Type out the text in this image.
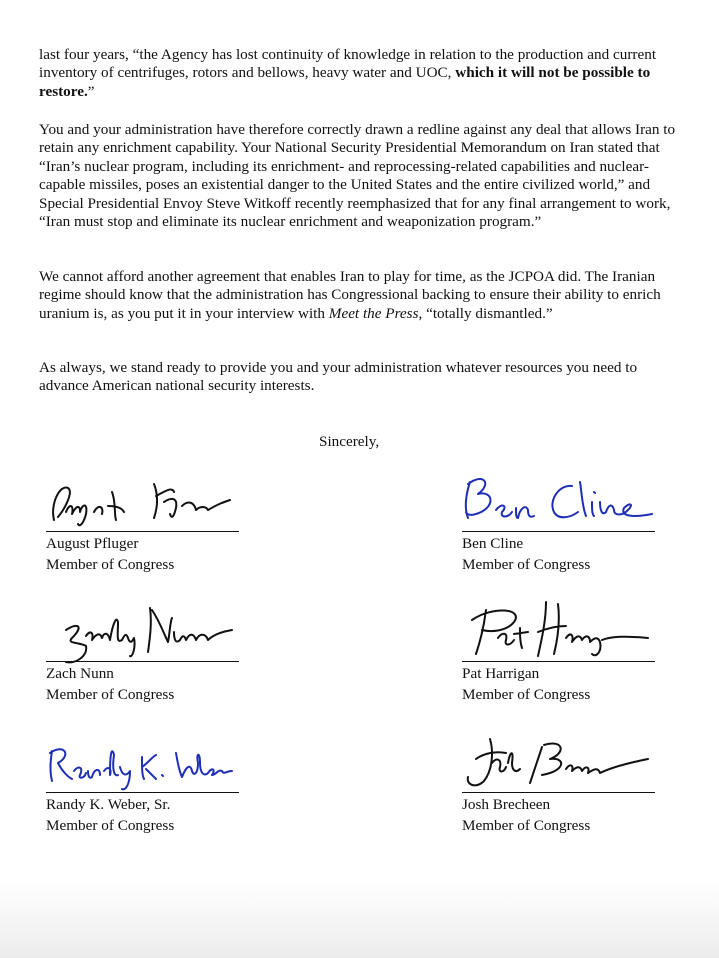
last four years, “the Agency has lost continuity of knowledge in relation to the production and current inventory of centrifuges, rotors and bellows, heavy water and UOC, which it will not be possible to restore.”

You and your administration have therefore correctly drawn a redline against any deal that allows Iran to retain any enrichment capability. Your National Security Presidential Memorandum on Iran stated that “Iran’s nuclear program, including its enrichment- and reprocessing-related capabilities and nuclear-capable missiles, poses an existential danger to the United States and the entire civilized world,” and Special Presidential Envoy Steve Witkoff recently reemphasized that for any final arrangement to work, “Iran must stop and eliminate its nuclear enrichment and weaponization program.”

We cannot afford another agreement that enables Iran to play for time, as the JCPOA did. The Iranian regime should know that the administration has Congressional backing to ensure their ability to enrich uranium is, as you put it in your interview with Meet the Press, “totally dismantled.”

As always, we stand ready to provide you and your administration whatever resources you need to advance American national security interests.

Sincerely,
August Pfluger
Member of Congress
Ben Cline
Member of Congress
Zach Nunn
Member of Congress
Pat Harrigan
Member of Congress
Randy K. Weber, Sr.
Member of Congress
Josh Brecheen
Member of Congress
